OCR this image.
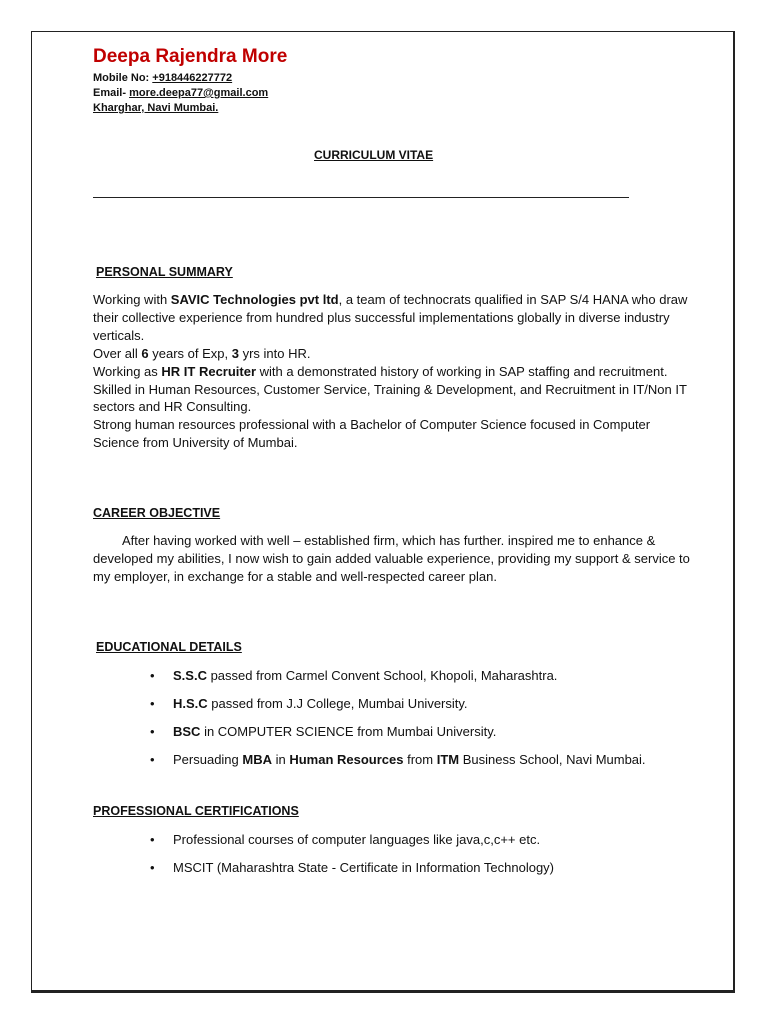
Deepa Rajendra More
Mobile No: +918446227772
Email- more.deepa77@gmail.com
Kharghar, Navi Mumbai.
CURRICULUM VITAE
PERSONAL SUMMARY

Working with SAVIC Technologies pvt ltd, a team of technocrats qualified in SAP S/4 HANA who draw their collective experience from hundred plus successful implementations globally in diverse industry verticals.

Over all 6 years of Exp, 3 yrs into HR.

Working as HR IT Recruiter with a demonstrated history of working in SAP staffing and recruitment.

Skilled in Human Resources, Customer Service, Training & Development, and Recruitment in IT/Non IT sectors and HR Consulting.

Strong human resources professional with a Bachelor of Computer Science focused in Computer Science from University of Mumbai.

CAREER OBJECTIVE
After having worked with well – established firm, which has further. inspired me to enhance & developed my abilities, I now wish to gain added valuable experience, providing my support & service to my employer, in exchange for a stable and well-respected career plan.
EDUCATIONAL DETAILS
• S.S.C passed from Carmel Convent School, Khopoli, Maharashtra.
• H.S.C passed from J.J College, Mumbai University.
• BSC in COMPUTER SCIENCE from Mumbai University.
• Persuading MBA in Human Resources from ITM Business School, Navi Mumbai.
PROFESSIONAL CERTIFICATIONS
• Professional courses of computer languages like java,c,c++ etc.
• MSCIT (Maharashtra State - Certificate in Information Technology)
